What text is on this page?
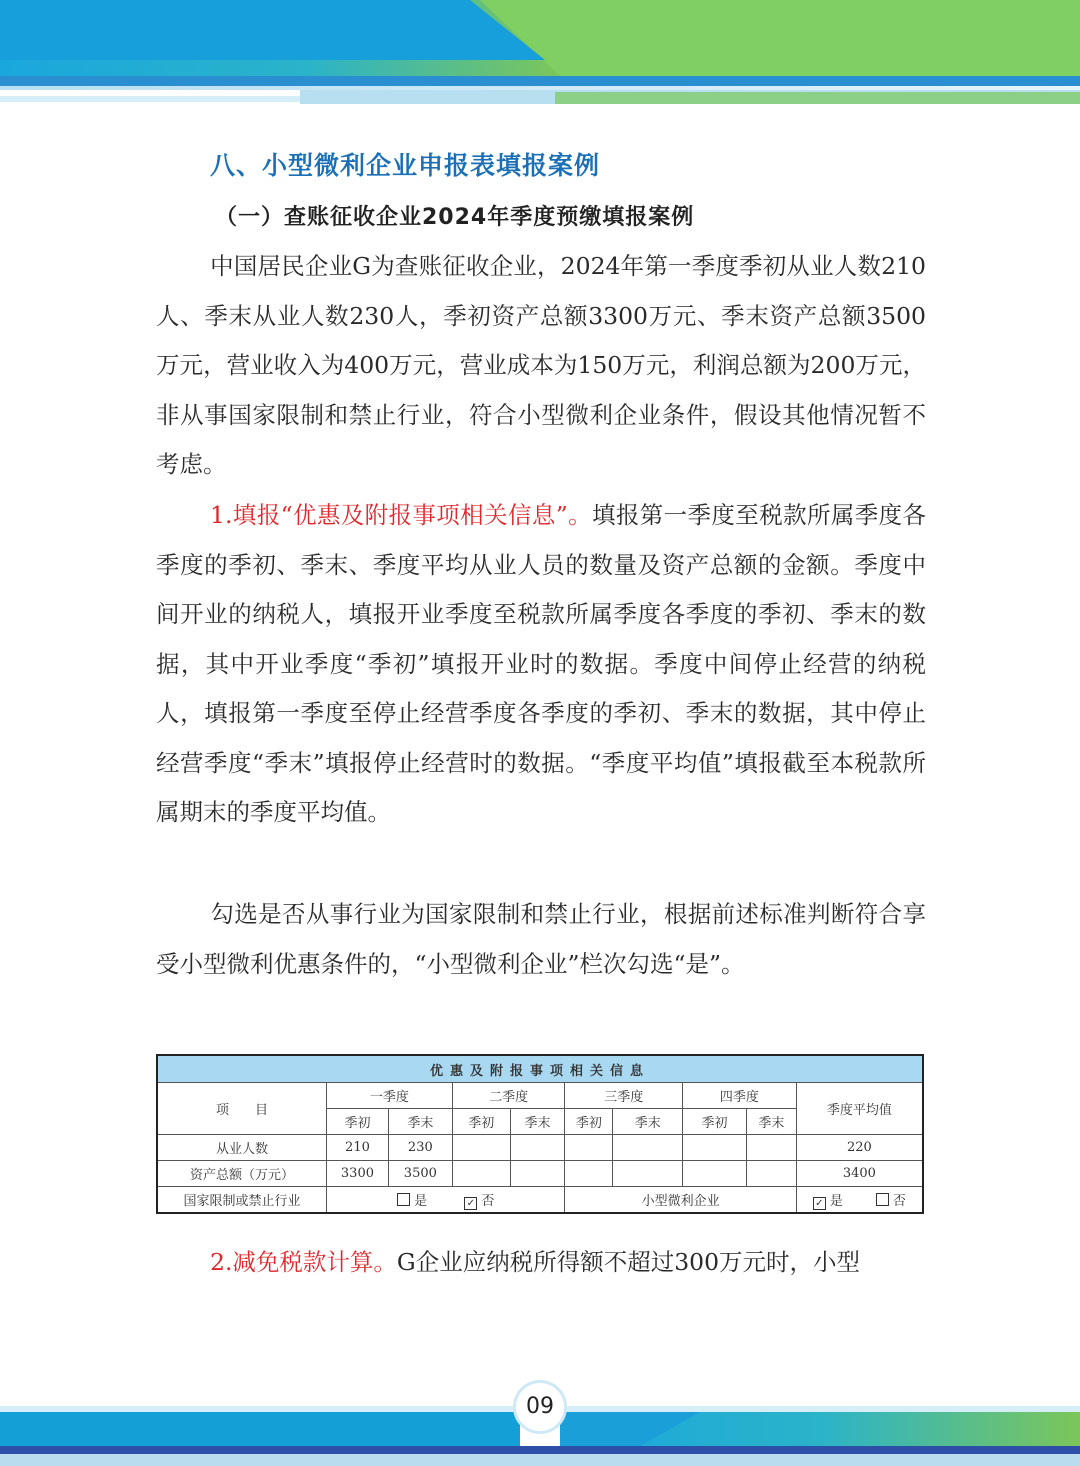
八、小型微利企业申报表填报案例
（一）查账征收企业2024年季度预缴填报案例

中国居民企业G为查账征收企业，2024年第一季度季初从业人数210人、季末从业人数230人，季初资产总额3300万元、季末资产总额3500万元，营业收入为400万元，营业成本为150万元，利润总额为200万元，非从事国家限制和禁止行业，符合小型微利企业条件，假设其他情况暂不考虑。

1.填报“优惠及附报事项相关信息”。填报第一季度至税款所属季度各季度的季初、季末、季度平均从业人员的数量及资产总额的金额。季度中间开业的纳税人，填报开业季度至税款所属季度各季度的季初、季末的数据，其中开业季度“季初”填报开业时的数据。季度中间停止经营的纳税人，填报第一季度至停止经营季度各季度的季初、季末的数据，其中停止经营季度“季末”填报停止经营时的数据。“季度平均值”填报截至本税款所属期末的季度平均值。

勾选是否从事行业为国家限制和禁止行业，根据前述标准判断符合享受小型微利优惠条件的，“小型微利企业”栏次勾选“是”。

优惠及附报事项相关信息									
项　　目	一季度		二季度		三季度		四季度		季度平均值
	季初	季末	季初	季末	季初	季末	季初	季末	
从业人数	210	230							220
资产总额（万元）	3300	3500							3400
国家限制或禁止行业	是 ✓ 否				小型微利企业				✓ 是 否

2.减免税款计算。G企业应纳税所得额不超过300万元时，小型

09
